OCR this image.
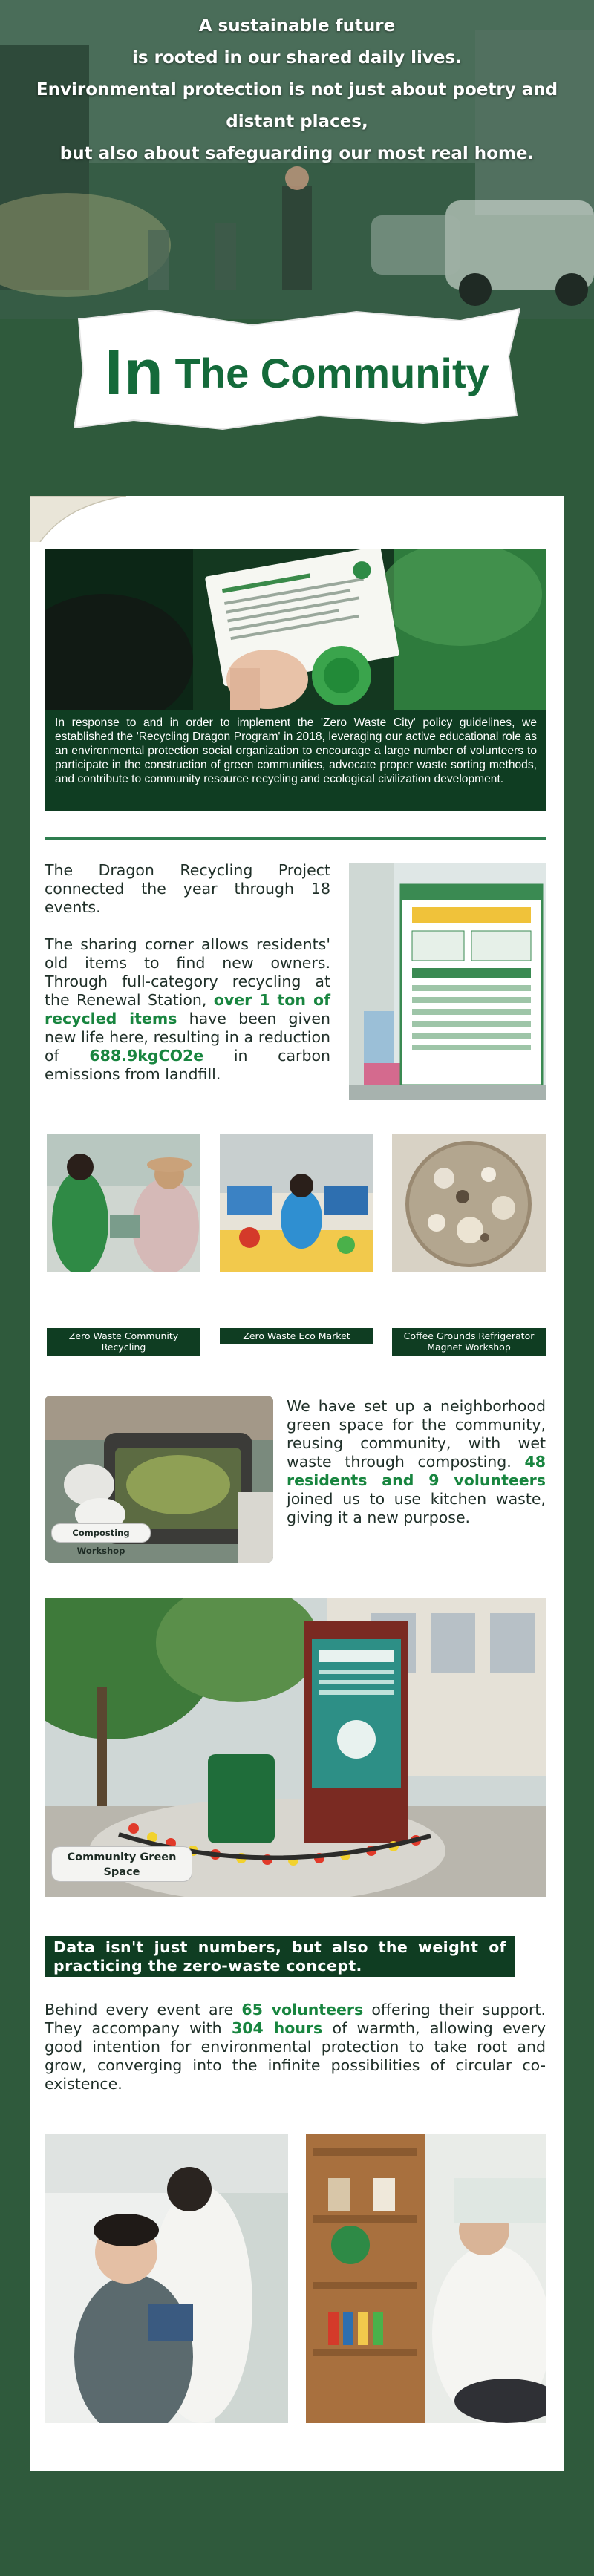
A sustainable future
is rooted in our shared daily lives.
Environmental protection is not just about poetry and
distant places,
but also about safeguarding our most real home.
In The Community
In response to and in order to implement the 'Zero Waste City' policy guidelines, we established the 'Recycling Dragon Program' in 2018, leveraging our active educational role as an environmental protection social organization to encourage a large number of volunteers to participate in the construction of green communities, advocate proper waste sorting methods, and contribute to community resource recycling and ecological civilization development.
The Dragon Recycling Project connected the year through 18 events.
The sharing corner allows residents' old items to find new owners. Through full-category recycling at the Renewal Station, over 1 ton of recycled items have been given new life here, resulting in a reduction of 688.9kgCO2e in carbon emissions from landfill.
Zero Waste Community Recycling
Zero Waste Eco Market	Coffee Grounds Refrigerator Magnet Workshop
Composting Workshop
We have set up a neighborhood green space for the community, reusing community, with wet waste through composting. 48 residents and 9 volunteers joined us to use kitchen waste, giving it a new purpose.
Community Green Space
Data isn't just numbers, but also the weight of practicing the zero-waste concept.
Behind every event are 65 volunteers offering their support. They accompany with 304 hours of warmth, allowing every good intention for environmental protection to take root and grow, converging into the infinite possibilities of circular co-existence.
